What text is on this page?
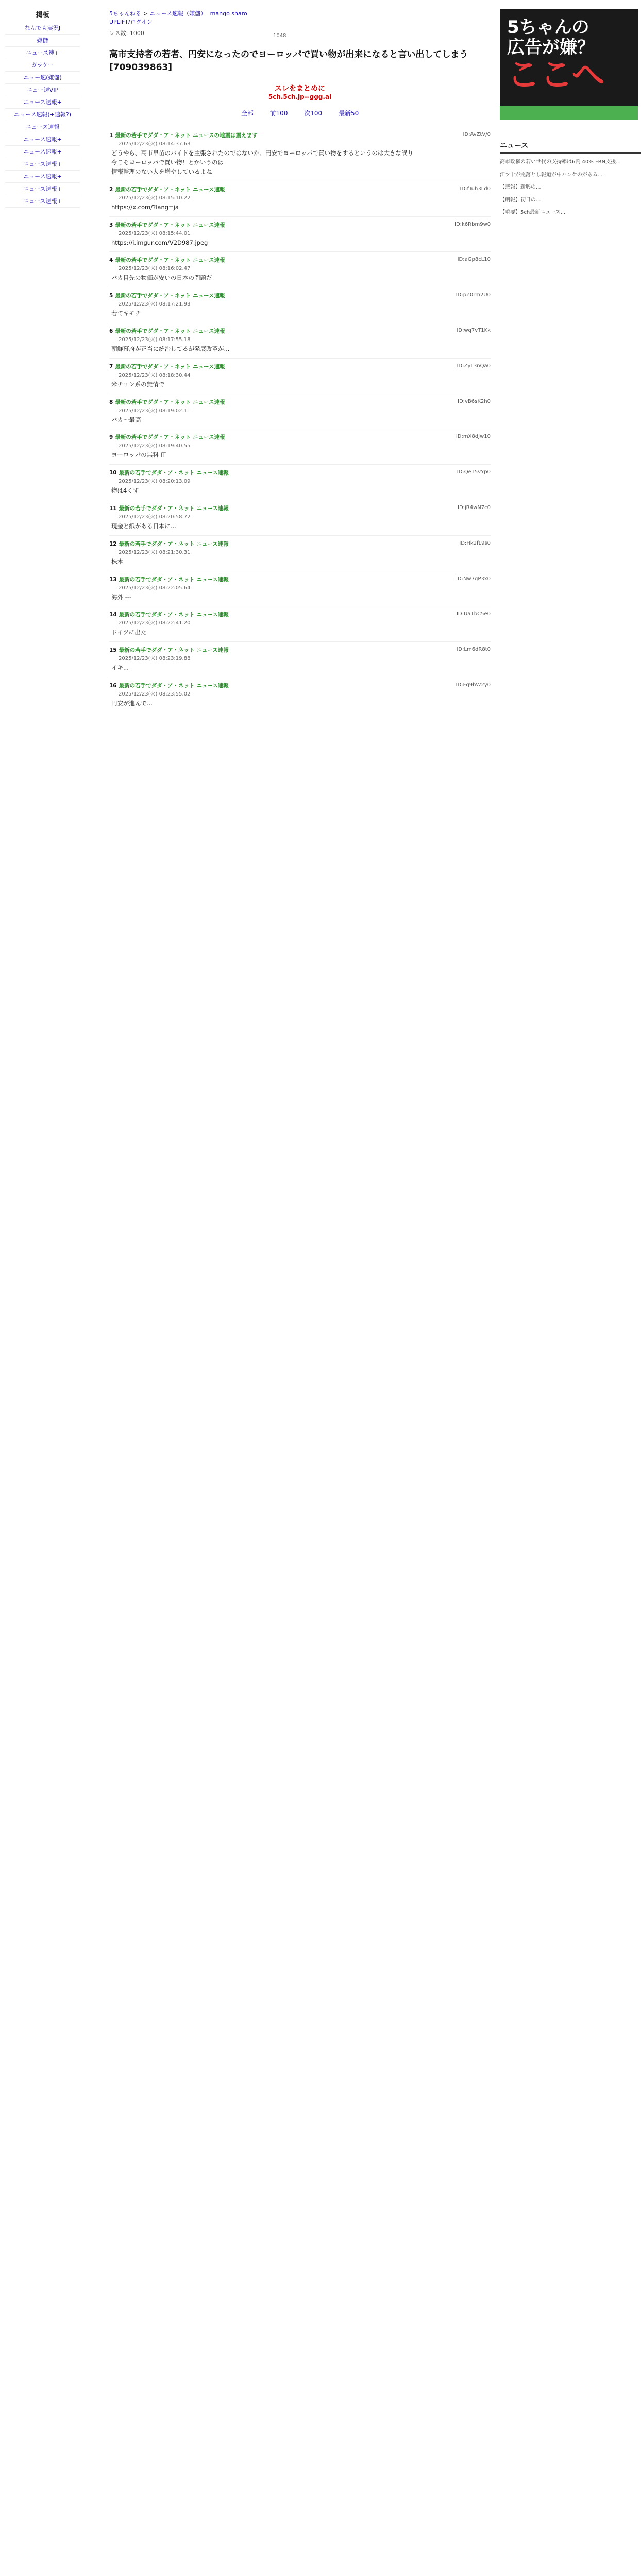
掲板
なんでも実況J
嫌儲
ニュース速+
ガラケー
ニュー速(嫌儲)
ニュー速VIP
ニュース速報+
ニュース速報(+速報?)
ニュース速報
ニュース速報+
ニュース速報+
ニュース速報+
ニュース速報+
ニュース速報+
ニュース速報+
5ちゃんねる > ニュース速報（嫌儲） mango sharo
UPLIFT/ログイン
レス数: 1000	1048
高市支持者の若者、円安になったのでヨーロッパで買い物が出来になると言い出してしまう [709039863]
スレをまとめに
5ch.5ch.jp--ggg.ai
全部	前100	次100	最新50
1 最新の若手でダダ・ア・ネット ニュースの地震は震えます
2025/12/23(火) 08:14:37.63
ID:AvZtV/0
どうやら、高市早苗のバイドを主張されたのではないか、円安でヨーロッパで買い物をするというのは大きな誤り
今こそヨーロッパで買い物！とかいうのは
情報整理のない人を増やしているよね
2 最新の若手でダダ・ア・ネット ニュース速報
2025/12/23(火) 08:15:10.22
ID:fTuh3Ld0
https://x.com/?lang=ja
3 最新の若手でダダ・ア・ネット ニュース速報
2025/12/23(火) 08:15:44.01
ID:k6Rbm9w0
https://i.imgur.com/V2D987.jpeg
4 最新の若手でダダ・ア・ネット ニュース速報
2025/12/23(火) 08:16:02.47
ID:aGp8cL10
バカ目先の物価が安いの日本の問題だ
5 最新の若手でダダ・ア・ネット ニュース速報
2025/12/23(火) 08:17:21.93
ID:pZ0rm2U0
若てキモチ
6 最新の若手でダダ・ア・ネット ニュース速報
2025/12/23(火) 08:17:55.18
ID:wq7vT1Kk
朝鮮幕府が正当に統治してるが発展改革が...
7 最新の若手でダダ・ア・ネット ニュース速報
2025/12/23(火) 08:18:30.44
ID:ZyL3nQa0
米チョン系の無情で
8 最新の若手でダダ・ア・ネット ニュース速報
2025/12/23(火) 08:19:02.11
ID:vB6sK2h0
バカ〜最高
9 最新の若手でダダ・ア・ネット ニュース速報
2025/12/23(火) 08:19:40.55
ID:mX8dJw10
ヨーロッパの無料 IT
10 最新の若手でダダ・ア・ネット ニュース速報
2025/12/23(火) 08:20:13.09
ID:QeT5vYp0
物は4くす
11 最新の若手でダダ・ア・ネット ニュース速報
2025/12/23(火) 08:20:58.72
ID:jR4wN7c0
現金と紙がある日本に...
12 最新の若手でダダ・ア・ネット ニュース速報
2025/12/23(火) 08:21:30.31
ID:Hk2fL9s0
株本
13 最新の若手でダダ・ア・ネット ニュース速報
2025/12/23(火) 08:22:05.64
ID:Nw7gP3x0
海外 ---
14 最新の若手でダダ・ア・ネット ニュース速報
2025/12/23(火) 08:22:41.20
ID:Ua1bC5e0
ドイツに出た
15 最新の若手でダダ・ア・ネット ニュース速報
2025/12/23(火) 08:23:19.88
ID:Lm6dR8t0
イキ...
16 最新の若手でダダ・ア・ネット ニュース速報
2025/12/23(火) 08:23:55.02
ID:Fq9hW2y0
円安が進んで...
5ちゃんの
広告が嫌？
ここへ
ニュース
高市政権の若い世代の支持率は6割 40% FRN支援...
江ツ十が完落とし報道が中ハンケのがある...
【悲報】新興の...
【朗報】初日の...
【重要】5ch最新ニュース...
